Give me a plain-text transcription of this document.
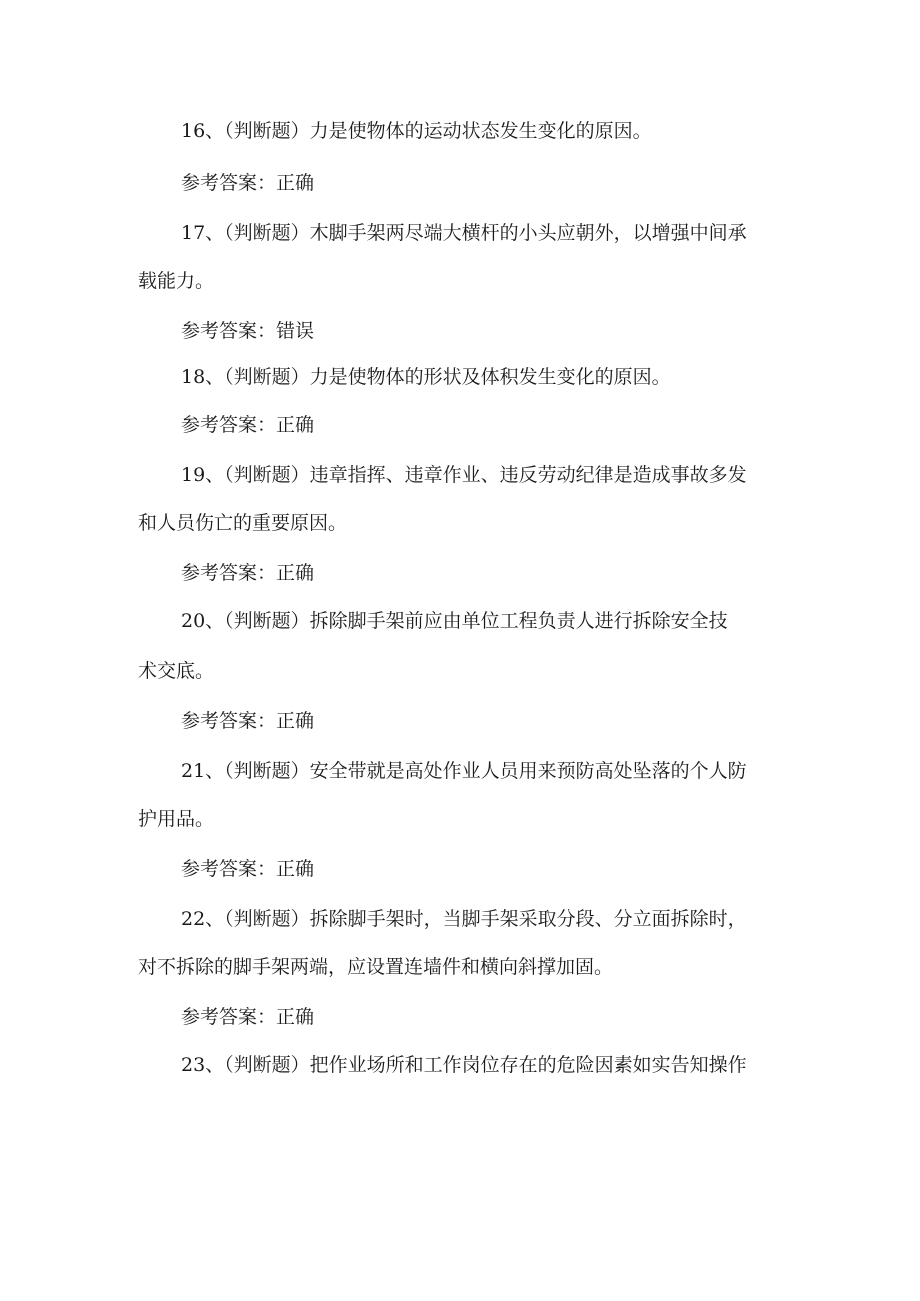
16、（判断题）力是使物体的运动状态发生变化的原因。

参考答案：正确

17、（判断题）木脚手架两尽端大横杆的小头应朝外，以增强中间承

载能力。

参考答案：错误

18、（判断题）力是使物体的形状及体积发生变化的原因。

参考答案：正确

19、（判断题）违章指挥、违章作业、违反劳动纪律是造成事故多发

和人员伤亡的重要原因。

参考答案：正确

20、（判断题）拆除脚手架前应由单位工程负责人进行拆除安全技

术交底。

参考答案：正确

21、（判断题）安全带就是高处作业人员用来预防高处坠落的个人防

护用品。

参考答案：正确

22、（判断题）拆除脚手架时，当脚手架采取分段、分立面拆除时，

对不拆除的脚手架两端，应设置连墙件和横向斜撑加固。

参考答案：正确

23、（判断题）把作业场所和工作岗位存在的危险因素如实告知操作
